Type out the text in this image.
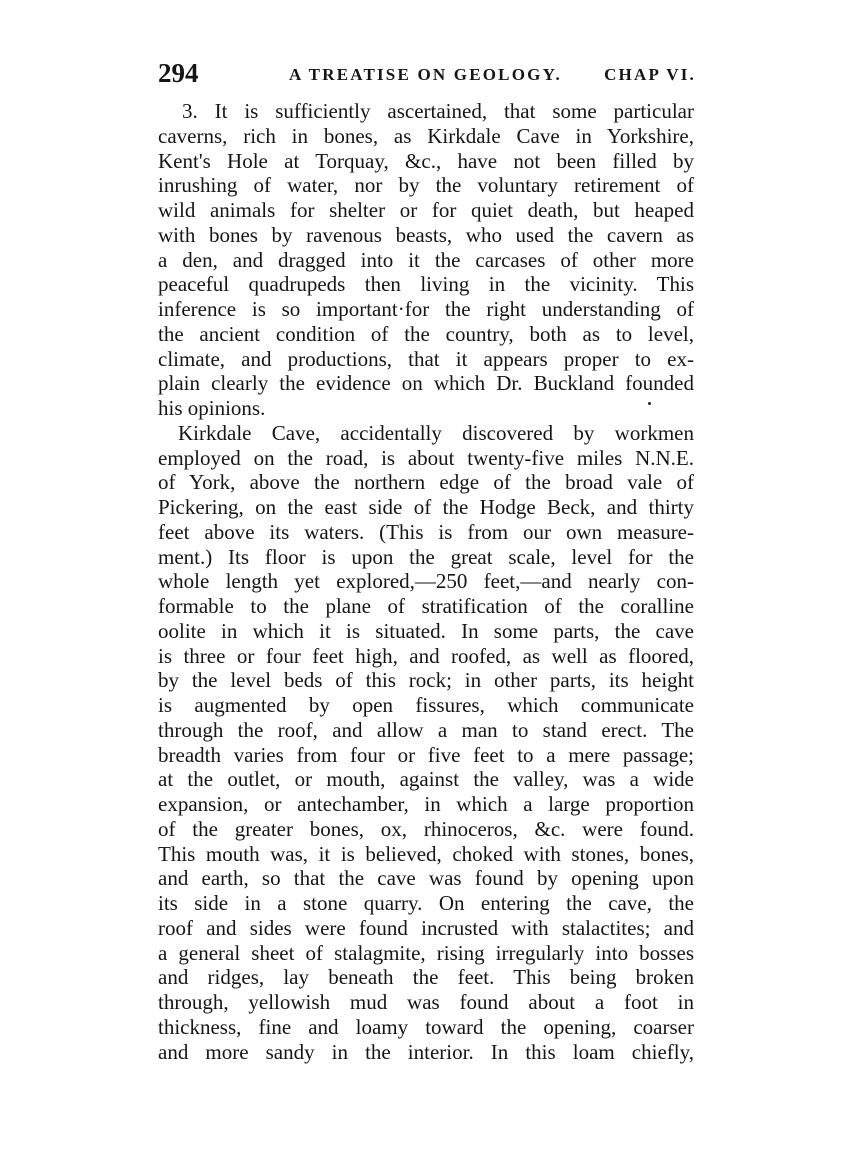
294	A TREATISE ON GEOLOGY. CHAP VI.
3. It is sufficiently ascertained, that some particular
caverns, rich in bones, as Kirkdale Cave in Yorkshire,
Kent's Hole at Torquay, &c., have not been filled by
inrushing of water, nor by the voluntary retirement of
wild animals for shelter or for quiet death, but heaped
with bones by ravenous beasts, who used the cavern as
a den, and dragged into it the carcases of other more
peaceful quadrupeds then living in the vicinity. This
inference is so important·for the right understanding of
the ancient condition of the country, both as to level,
climate, and productions, that it appears proper to ex-
plain clearly the evidence on which Dr. Buckland founded
his opinions.
Kirkdale Cave, accidentally discovered by workmen
employed on the road, is about twenty-five miles N.N.E.
of York, above the northern edge of the broad vale of
Pickering, on the east side of the Hodge Beck, and thirty
feet above its waters. (This is from our own measure-
ment.) Its floor is upon the great scale, level for the
whole length yet explored,—250 feet,—and nearly con-
formable to the plane of stratification of the coralline
oolite in which it is situated. In some parts, the cave
is three or four feet high, and roofed, as well as floored,
by the level beds of this rock; in other parts, its height
is augmented by open fissures, which communicate
through the roof, and allow a man to stand erect. The
breadth varies from four or five feet to a mere passage;
at the outlet, or mouth, against the valley, was a wide
expansion, or antechamber, in which a large proportion
of the greater bones, ox, rhinoceros, &c. were found.
This mouth was, it is believed, choked with stones, bones,
and earth, so that the cave was found by opening upon
its side in a stone quarry. On entering the cave, the
roof and sides were found incrusted with stalactites; and
a general sheet of stalagmite, rising irregularly into bosses
and ridges, lay beneath the feet. This being broken
through, yellowish mud was found about a foot in
thickness, fine and loamy toward the opening, coarser
and more sandy in the interior. In this loam chiefly,
